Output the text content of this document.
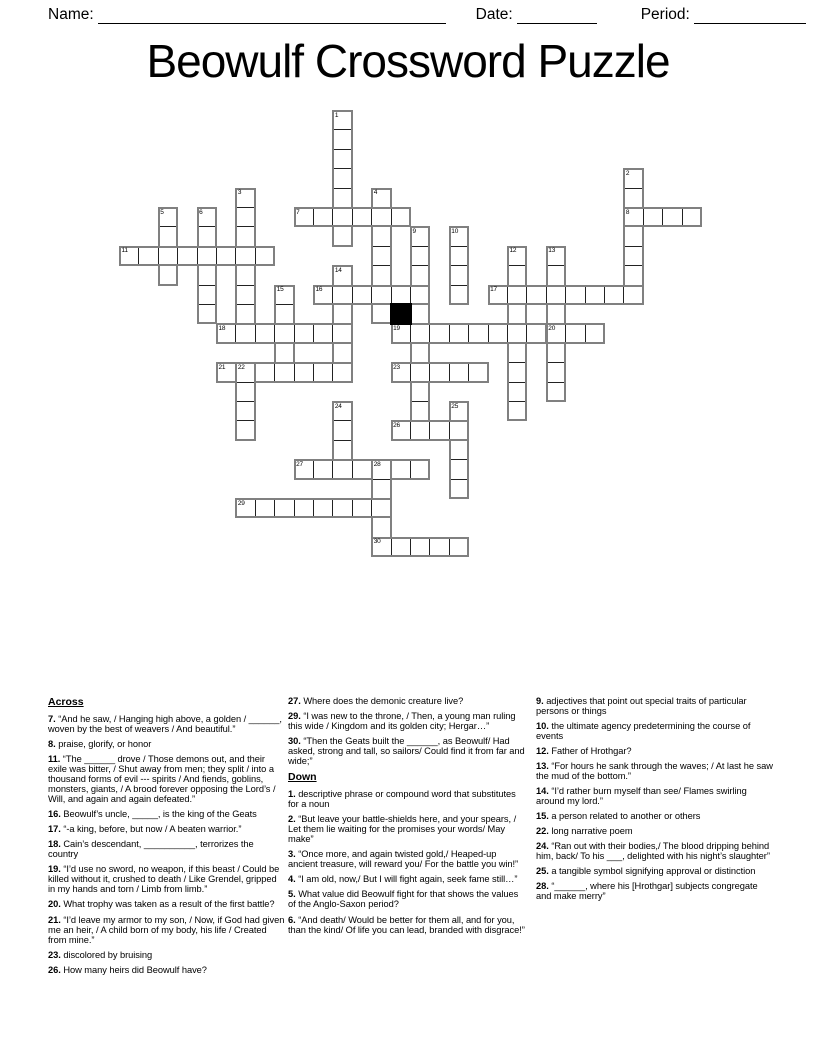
Name:	Date:	Period:
Beowulf Crossword Puzzle
1
2
3	4
5	6	7	8
9	10
11	12	13
14
15	16	17
18	19	20
21 22	23
24	25
26
27	28
29
30

Across

7. “And he saw, / Hanging high above, a golden / ______, woven by the best of weavers / And beautiful.”

8. praise, glorify, or honor

11. “The ______ drove / Those demons out, and their exile was bitter, / Shut away from men; they split / into a thousand forms of evil --- spirits / And fiends, goblins, monsters, giants, / A brood forever opposing the Lord’s / Will, and again and again defeated.”

16. Beowulf’s uncle, _____, is the king of the Geats

17. “-a king, before, but now / A beaten warrior.”

18. Cain’s descendant, __________, terrorizes the country

19. “I’d use no sword, no weapon, if this beast / Could be killed without it, crushed to death / Like Grendel, gripped in my hands and torn / Limb from limb.”

20. What trophy was taken as a result of the first battle?

21. “I’d leave my armor to my son, / Now, if God had given me an heir, / A child born of my body, his life / Created from mine.”

23. discolored by bruising

26. How many heirs did Beowulf have?

27. Where does the demonic creature live?

29. “I was new to the throne, / Then, a young man ruling this wide / Kingdom and its golden city; Hergar…”

30. “Then the Geats built the ______, as Beowulf/ Had asked, strong and tall, so sailors/ Could find it from far and wide;”

Down

1. descriptive phrase or compound word that substitutes for a noun

2. “But leave your battle-shields here, and your spears, / Let them lie waiting for the promises your words/ May make”

3. “Once more, and again twisted gold,/ Heaped-up ancient treasure, will reward you/ For the battle you win!”

4. “I am old, now,/ But I will fight again, seek fame still…”

5. What value did Beowulf fight for that shows the values of the Anglo-Saxon period?

6. “And death/ Would be better for them all, and for you, than the kind/ Of life you can lead, branded with disgrace!”

9. adjectives that point out special traits of particular persons or things

10. the ultimate agency predetermining the course of events

12. Father of Hrothgar?

13. “For hours he sank through the waves; / At last he saw the mud of the bottom.”

14. “I’d rather burn myself than see/ Flames swirling around my lord.”

15. a person related to another or others

22. long narrative poem

24. “Ran out with their bodies,/ The blood dripping behind him, back/ To his ___, delighted with his night’s slaughter”

25. a tangible symbol signifying approval or distinction

28. “______, where his [Hrothgar] subjects congregate and make merry”
